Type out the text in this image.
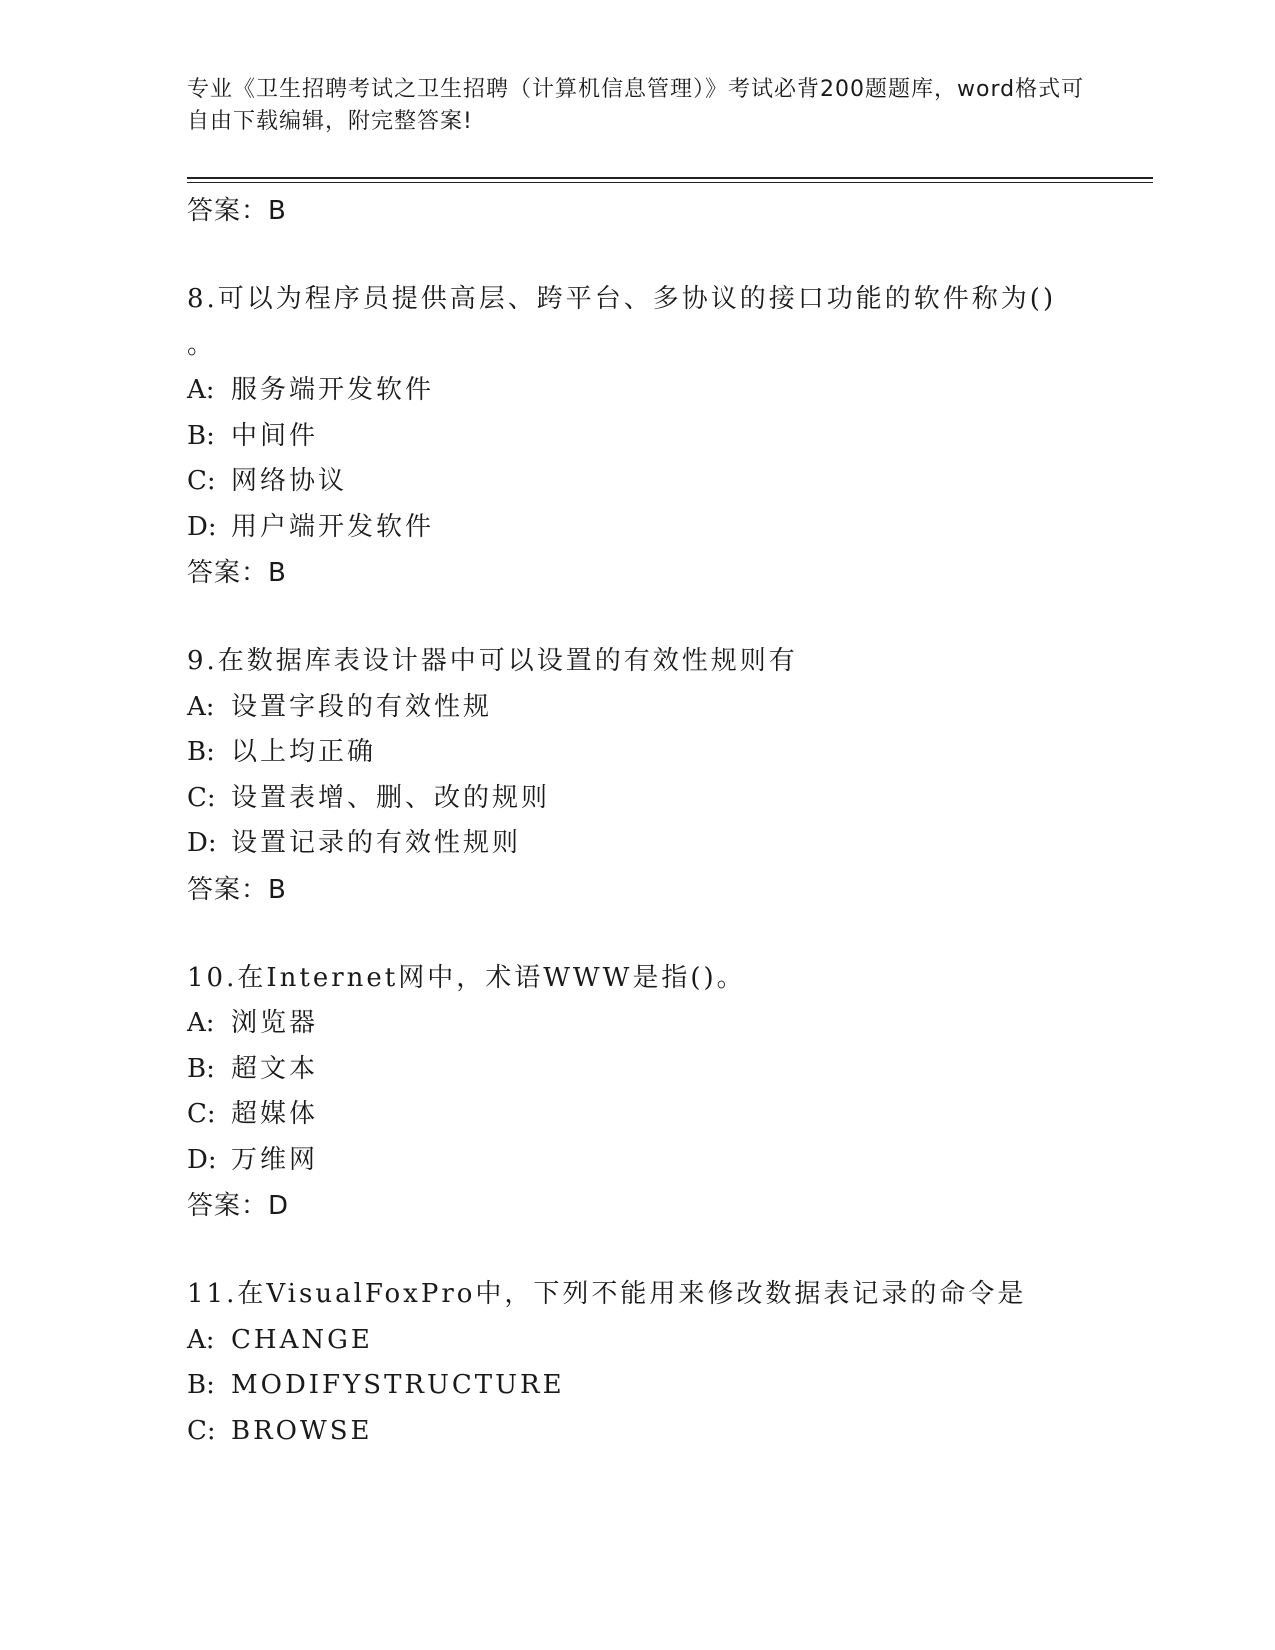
专业《卫生招聘考试之卫生招聘（计算机信息管理）》考试必背200题题库，word格式可自由下载编辑，附完整答案!
答案：B
8.可以为程序员提供高层、跨平台、多协议的接口功能的软件称为()
。
A: 服务端开发软件
B: 中间件
C: 网络协议
D: 用户端开发软件
答案：B
9.在数据库表设计器中可以设置的有效性规则有
A: 设置字段的有效性规
B: 以上均正确
C: 设置表增、删、改的规则
D: 设置记录的有效性规则
答案：B
10.在Internet网中，术语WWW是指()。
A: 浏览器
B: 超文本
C: 超媒体
D: 万维网
答案：D
11.在VisualFoxPro中，下列不能用来修改数据表记录的命令是
A: CHANGE
B: MODIFYSTRUCTURE
C: BROWSE
